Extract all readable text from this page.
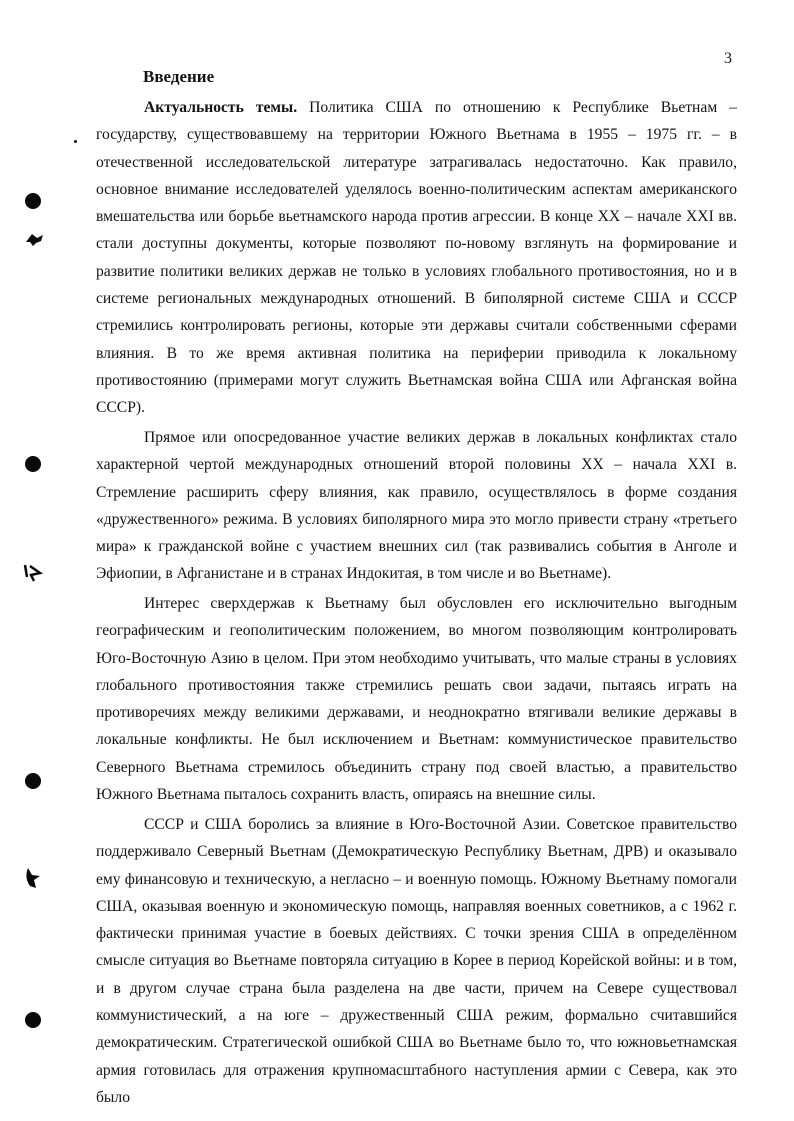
3
Введение

Актуальность темы. Политика США по отношению к Республике Вьетнам – государству, существовавшему на территории Южного Вьетнама в 1955 – 1975 гг. – в отечественной исследовательской литературе затрагивалась недостаточно. Как правило, основное внимание исследователей уделялось военно-политическим аспектам американского вмешательства или борьбе вьетнамского народа против агрессии. В конце XX – начале XXI вв. стали доступны документы, которые позволяют по-новому взглянуть на формирование и развитие политики великих держав не только в условиях глобального противостояния, но и в системе региональных международных отношений. В биполярной системе США и СССР стремились контролировать регионы, которые эти державы считали собственными сферами влияния. В то же время активная политика на периферии приводила к локальному противостоянию (примерами могут служить Вьетнамская война США или Афганская война СССР).

Прямое или опосредованное участие великих держав в локальных конфликтах стало характерной чертой международных отношений второй половины XX – начала XXI в. Стремление расширить сферу влияния, как правило, осуществлялось в форме создания «дружественного» режима. В условиях биполярного мира это могло привести страну «третьего мира» к гражданской войне с участием внешних сил (так развивались события в Анголе и Эфиопии, в Афганистане и в странах Индокитая, в том числе и во Вьетнаме).

Интерес сверхдержав к Вьетнаму был обусловлен его исключительно выгодным географическим и геополитическим положением, во многом позволяющим контролировать Юго-Восточную Азию в целом. При этом необходимо учитывать, что малые страны в условиях глобального противостояния также стремились решать свои задачи, пытаясь играть на противоречиях между великими державами, и неоднократно втягивали великие державы в локальные конфликты. Не был исключением и Вьетнам: коммунистическое правительство Северного Вьетнама стремилось объединить страну под своей властью, а правительство Южного Вьетнама пыталось сохранить власть, опираясь на внешние силы.

СССР и США боролись за влияние в Юго-Восточной Азии. Советское правительство поддерживало Северный Вьетнам (Демократическую Республику Вьетнам, ДРВ) и оказывало ему финансовую и техническую, а негласно – и военную помощь. Южному Вьетнаму помогали США, оказывая военную и экономическую помощь, направляя военных советников, а с 1962 г. фактически принимая участие в боевых действиях. С точки зрения США в определённом смысле ситуация во Вьетнаме повторяла ситуацию в Корее в период Корейской войны: и в том, и в другом случае страна была разделена на две части, причем на Севере существовал коммунистический, а на юге – дружественный США режим, формально считавшийся демократическим. Стратегической ошибкой США во Вьетнаме было то, что южновьетнамская армия готовилась для отражения крупномасштабного наступления армии с Севера, как это было
